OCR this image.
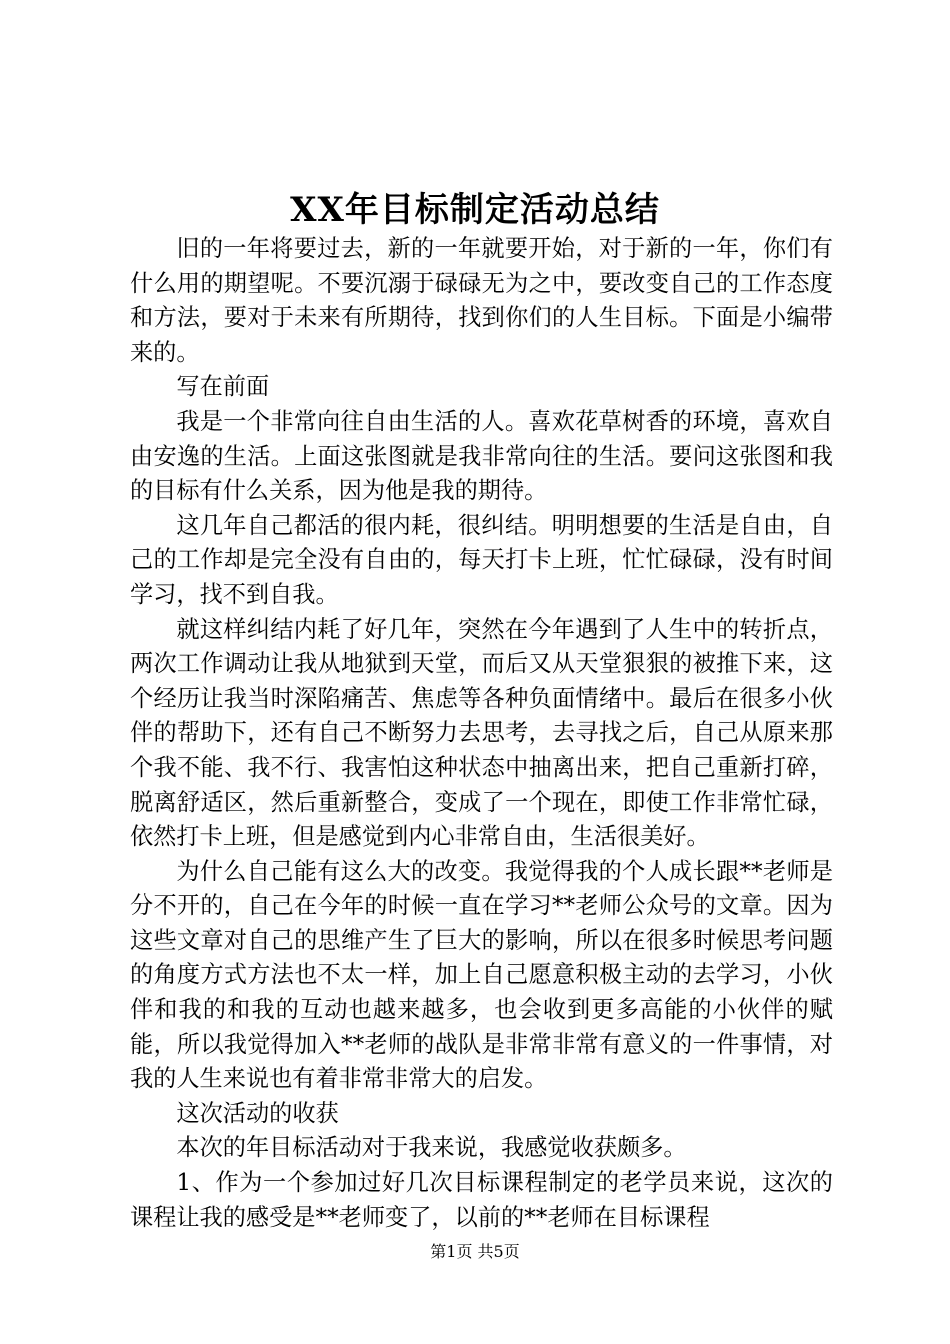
XX年目标制定活动总结

旧的一年将要过去，新的一年就要开始，对于新的一年，你们有什么用的期望呢。不要沉溺于碌碌无为之中，要改变自己的工作态度和方法，要对于未来有所期待，找到你们的人生目标。下面是小编带来的。

写在前面

我是一个非常向往自由生活的人。喜欢花草树香的环境，喜欢自由安逸的生活。上面这张图就是我非常向往的生活。要问这张图和我的目标有什么关系，因为他是我的期待。

这几年自己都活的很内耗，很纠结。明明想要的生活是自由，自己的工作却是完全没有自由的，每天打卡上班，忙忙碌碌，没有时间学习，找不到自我。

就这样纠结内耗了好几年，突然在今年遇到了人生中的转折点，两次工作调动让我从地狱到天堂，而后又从天堂狠狠的被推下来，这个经历让我当时深陷痛苦、焦虑等各种负面情绪中。最后在很多小伙伴的帮助下，还有自己不断努力去思考，去寻找之后，自己从原来那个我不能、我不行、我害怕这种状态中抽离出来，把自己重新打碎，脱离舒适区，然后重新整合，变成了一个现在，即使工作非常忙碌，依然打卡上班，但是感觉到内心非常自由，生活很美好。

为什么自己能有这么大的改变。我觉得我的个人成长跟**老师是分不开的，自己在今年的时候一直在学习**老师公众号的文章。因为这些文章对自己的思维产生了巨大的影响，所以在很多时候思考问题的角度方式方法也不太一样，加上自己愿意积极主动的去学习，小伙伴和我的和我的互动也越来越多，也会收到更多高能的小伙伴的赋能，所以我觉得加入**老师的战队是非常非常有意义的一件事情，对我的人生来说也有着非常非常大的启发。

这次活动的收获

本次的年目标活动对于我来说，我感觉收获颇多。

1、作为一个参加过好几次目标课程制定的老学员来说，这次的课程让我的感受是**老师变了，以前的**老师在目标课程

第1页 共5页
